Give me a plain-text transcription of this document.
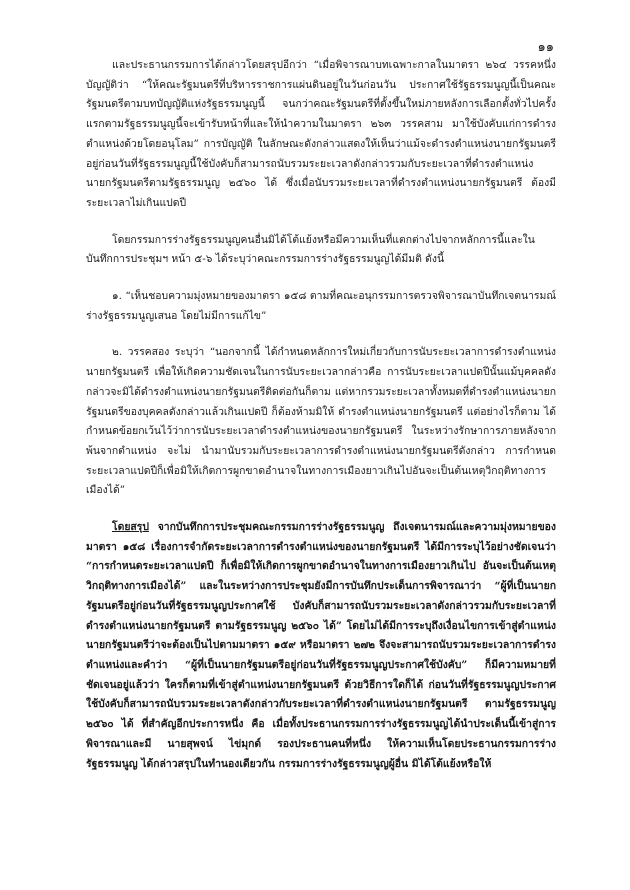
๑๑

และประธานกรรมการได้กล่าวโดยสรุปอีกว่า “เมื่อพิจารณาบทเฉพาะกาลในมาตรา ๒๖๔ วรรคหนึ่ง บัญญัติว่า “ให้คณะรัฐมนตรีที่บริหารราชการแผ่นดินอยู่ในวันก่อนวัน ประกาศใช้รัฐธรรมนูญนี้เป็นคณะรัฐมนตรีตามบทบัญญัติแห่งรัฐธรรมนูญนี้ จนกว่าคณะรัฐมนตรีที่ตั้งขึ้นใหม่ภายหลังการเลือกตั้งทั่วไปครั้งแรกตามรัฐธรรมนูญนี้จะเข้ารับหน้าที่และให้นำความในมาตรา ๒๖๓ วรรคสาม มาใช้บังคับแก่การดำรงตำแหน่งด้วยโดยอนุโลม” การบัญญัติ ในลักษณะดังกล่าวแสดงให้เห็นว่าแม้จะดำรงตำแหน่งนายกรัฐมนตรีอยู่ก่อนวันที่รัฐธรรมนูญนี้ใช้บังคับก็สามารถนับรวมระยะเวลาดังกล่าวรวมกับระยะเวลาที่ดำรงตำแหน่งนายกรัฐมนตรีตามรัฐธรรมนูญ ๒๕๖๐ ได้ ซึ่งเมื่อนับรวมระยะเวลาที่ดำรงตำแหน่งนายกรัฐมนตรี ต้องมีระยะเวลาไม่เกินแปดปี

โดยกรรมการร่างรัฐธรรมนูญคนอื่นมิได้โต้แย้งหรือมีความเห็นที่แตกต่างไปจากหลักการนี้และในบันทึกการประชุมฯ หน้า ๕-๖ ได้ระบุว่าคณะกรรมการร่างรัฐธรรมนูญได้มีมติ ดังนี้

๑. “เห็นชอบความมุ่งหมายของมาตรา ๑๕๘ ตามที่คณะอนุกรรมการตรวจพิจารณาบันทึกเจตนารมณ์ร่างรัฐธรรมนูญเสนอ โดยไม่มีการแก้ไข”

๒. วรรคสอง ระบุว่า “นอกจากนี้ ได้กำหนดหลักการใหม่เกี่ยวกับการนับระยะเวลาการดำรงตำแหน่งนายกรัฐมนตรี เพื่อให้เกิดความชัดเจนในการนับระยะเวลากล่าวคือ การนับระยะเวลาแปดปีนั้นแม้บุคคลดังกล่าวจะมิได้ดำรงตำแหน่งนายกรัฐมนตรีติดต่อกันก็ตาม แต่หากรวมระยะเวลาทั้งหมดที่ดำรงตำแหน่งนายกรัฐมนตรีของบุคคลดังกล่าวแล้วเกินแปดปี ก็ต้องห้ามมิให้ ดำรงตำแหน่งนายกรัฐมนตรี แต่อย่างไรก็ตาม ได้กำหนดข้อยกเว้นไว้ว่าการนับระยะเวลาดำรงตำแหน่งของนายกรัฐมนตรี ในระหว่างรักษาการภายหลังจากพ้นจากตำแหน่ง จะไม่ นำมานับรวมกับระยะเวลาการดำรงตำแหน่งนายกรัฐมนตรีดังกล่าว การกำหนดระยะเวลาแปดปีก็เพื่อมิให้เกิดการผูกขาดอำนาจในทางการเมืองยาวเกินไปอันจะเป็นต้นเหตุวิกฤติทางการเมืองได้”

โดยสรุป จากบันทึกการประชุมคณะกรรมการร่างรัฐธรรมนูญ ถึงเจตนารมณ์และความมุ่งหมายของมาตรา ๑๕๘ เรื่องการจำกัดระยะเวลาการดำรงตำแหน่งของนายกรัฐมนตรี ได้มีการระบุไว้อย่างชัดเจนว่า “การกำหนดระยะเวลาแปดปี ก็เพื่อมิให้เกิดการผูกขาดอำนาจในทางการเมืองยาวเกินไป อันจะเป็นต้นเหตุวิกฤติทางการเมืองได้” และในระหว่างการประชุมยังมีการบันทึกประเด็นการพิจารณาว่า “ผู้ที่เป็นนายกรัฐมนตรีอยู่ก่อนวันที่รัฐธรรมนูญประกาศใช้ บังคับก็สามารถนับรวมระยะเวลาดังกล่าวรวมกับระยะเวลาที่ดำรงตำแหน่งนายกรัฐมนตรี ตามรัฐธรรมนูญ ๒๕๖๐ ได้” โดยไม่ได้มีการระบุถึงเงื่อนไขการเข้าสู่ตำแหน่งนายกรัฐมนตรีว่าจะต้องเป็นไปตามมาตรา ๑๕๙ หรือมาตรา ๒๗๒ จึงจะสามารถนับรวมระยะเวลาการดำรงตำแหน่งและคำว่า “ผู้ที่เป็นนายกรัฐมนตรีอยู่ก่อนวันที่รัฐธรรมนูญประกาศใช้บังคับ” ก็มีความหมายที่ชัดเจนอยู่แล้วว่า ใครก็ตามที่เข้าสู่ตำแหน่งนายกรัฐมนตรี ด้วยวิธีการใดก็ได้ ก่อนวันที่รัฐธรรมนูญประกาศใช้บังคับก็สามารถนับรวมระยะเวลาดังกล่าวกับระยะเวลาที่ดำรงตำแหน่งนายกรัฐมนตรี ตามรัฐธรรมนูญ ๒๕๖๐ ได้ ที่สำคัญอีกประการหนึ่ง คือ เมื่อทั้งประธานกรรมการร่างรัฐธรรมนูญได้นำประเด็นนี้เข้าสู่การพิจารณาและมี นายสุพจน์ ไข่มุกด์ รองประธานคนที่หนึ่ง ให้ความเห็นโดยประธานกรรมการร่างรัฐธรรมนูญ ได้กล่าวสรุปในทำนองเดียวกัน กรรมการร่างรัฐธรรมนูญผู้อื่น มิได้โต้แย้งหรือให้
